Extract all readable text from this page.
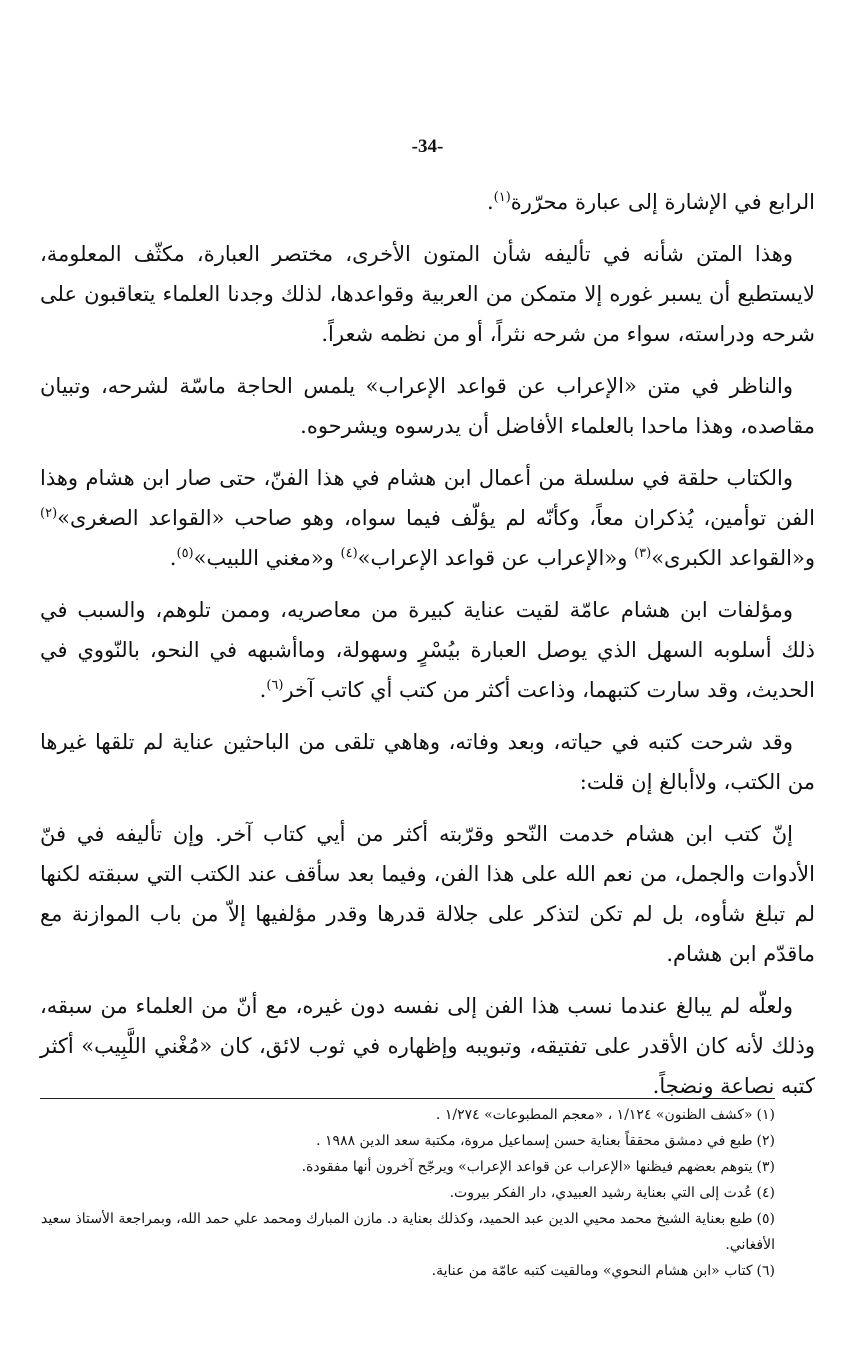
-34-

الرابع في الإشارة إلى عبارة محرّرة$^{(١)}$.

وهذا المتن شأنه في تأليفه شأن المتون الأخرى، مختصر العبارة، مكثّف المعلومة، لايستطيع أن يسبر غوره إلا متمكن من العربية وقواعدها، لذلك وجدنا العلماء يتعاقبون على شرحه ودراسته، سواء من شرحه نثراً، أو من نظمه شعراً.

والناظر في متن «الإعراب عن قواعد الإعراب» يلمس الحاجة ماسّة لشرحه، وتبيان مقاصده، وهذا ماحدا بالعلماء الأفاضل أن يدرسوه ويشرحوه.

والكتاب حلقة في سلسلة من أعمال ابن هشام في هذا الفنّ، حتى صار ابن هشام وهذا الفن توأمين، يُذكران معاً، وكأنّه لم يؤلّف فيما سواه، وهو صاحب «القواعد الصغرى»$^{(٢)}$ و«القواعد الكبرى»$^{(٣)}$ و«الإعراب عن قواعد الإعراب»$^{(٤)}$ و«مغني اللبيب»$^{(٥)}$.

ومؤلفات ابن هشام عامّة لقيت عناية كبيرة من معاصريه، وممن تلوهم، والسبب في ذلك أسلوبه السهل الذي يوصل العبارة بيُسْرٍ وسهولة، وماأشبهه في النحو، بالنّووي في الحديث، وقد سارت كتبهما، وذاعت أكثر من كتب أي كاتب آخر$^{(٦)}$.

وقد شرحت كتبه في حياته، وبعد وفاته، وهاهي تلقى من الباحثين عناية لم تلقها غيرها من الكتب، ولاأبالغ إن قلت:

إنّ كتب ابن هشام خدمت النّحو وقرّبته أكثر من أيي كتاب آخر. وإن تأليفه في فنّ الأدوات والجمل، من نعم الله على هذا الفن، وفيما بعد سأقف عند الكتب التي سبقته لكنها لم تبلغ شأوه، بل لم تكن لتذكر على جلالة قدرها وقدر مؤلفيها إلاّ من باب الموازنة مع ماقدّم ابن هشام.

ولعلّه لم يبالغ عندما نسب هذا الفن إلى نفسه دون غيره، مع أنّ من العلماء من سبقه، وذلك لأنه كان الأقدر على تفتيقه، وتبويبه وإظهاره في ثوب لائق، كان «مُغْني اللَّبِيب» أكثر كتبه نصاعة ونضجاً.

(١)«كشف الظنون» ١/١٢٤ ، «معجم المطبوعات» ١/٢٧٤ .

(٢)طبع في دمشق محققاً بعناية حسن إسماعيل مروة، مكتبة سعد الدين ١٩٨٨ .

(٣)يتوهم بعضهم فيظنها «الإعراب عن قواعد الإعراب» ويرجّح آخرون أنها مفقودة.

(٤)عُدت إلى التي بعناية رشيد العبيدي، دار الفكر بيروت.

(٥)طبع بعناية الشيخ محمد محيي الدين عبد الحميد، وكذلك بعناية د. مازن المبارك ومحمد علي حمد الله، وبمراجعة الأستاذ سعيد الأفغاني.

(٦)كتاب «ابن هشام النحوي» ومالقيت كتبه عامّة من عناية.
